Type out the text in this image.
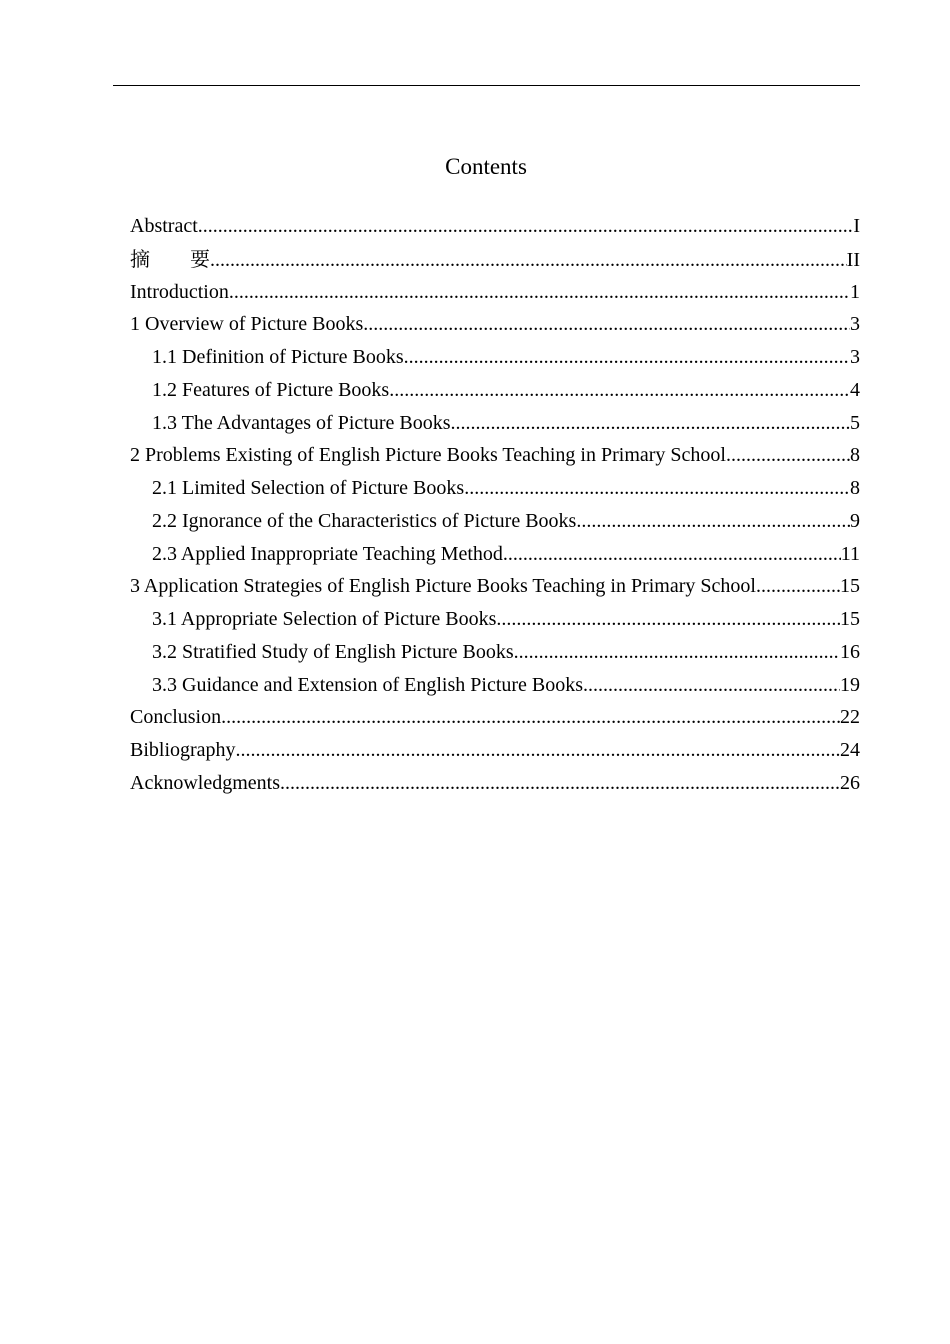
Contents
Abstract .....	I
摘　　要 .....	II
Introduction .....	1
1 Overview of Picture Books .....	3
1.1 Definition of Picture Books .....	3
1.2 Features of Picture Books .....	4
1.3 The Advantages of Picture Books .....	5
2 Problems Existing of English Picture Books Teaching in Primary School .....	8
2.1 Limited Selection of Picture Books .....	8
2.2 Ignorance of the Characteristics of Picture Books .....	9
2.3 Applied Inappropriate Teaching Method .....	11
3 Application Strategies of English Picture Books Teaching in Primary School .....	15
3.1 Appropriate Selection of Picture Books .....	15
3.2 Stratified Study of English Picture Books .....	16
3.3 Guidance and Extension of English Picture Books .....	19
Conclusion .....	22
Bibliography .....	24
Acknowledgments .....	26
